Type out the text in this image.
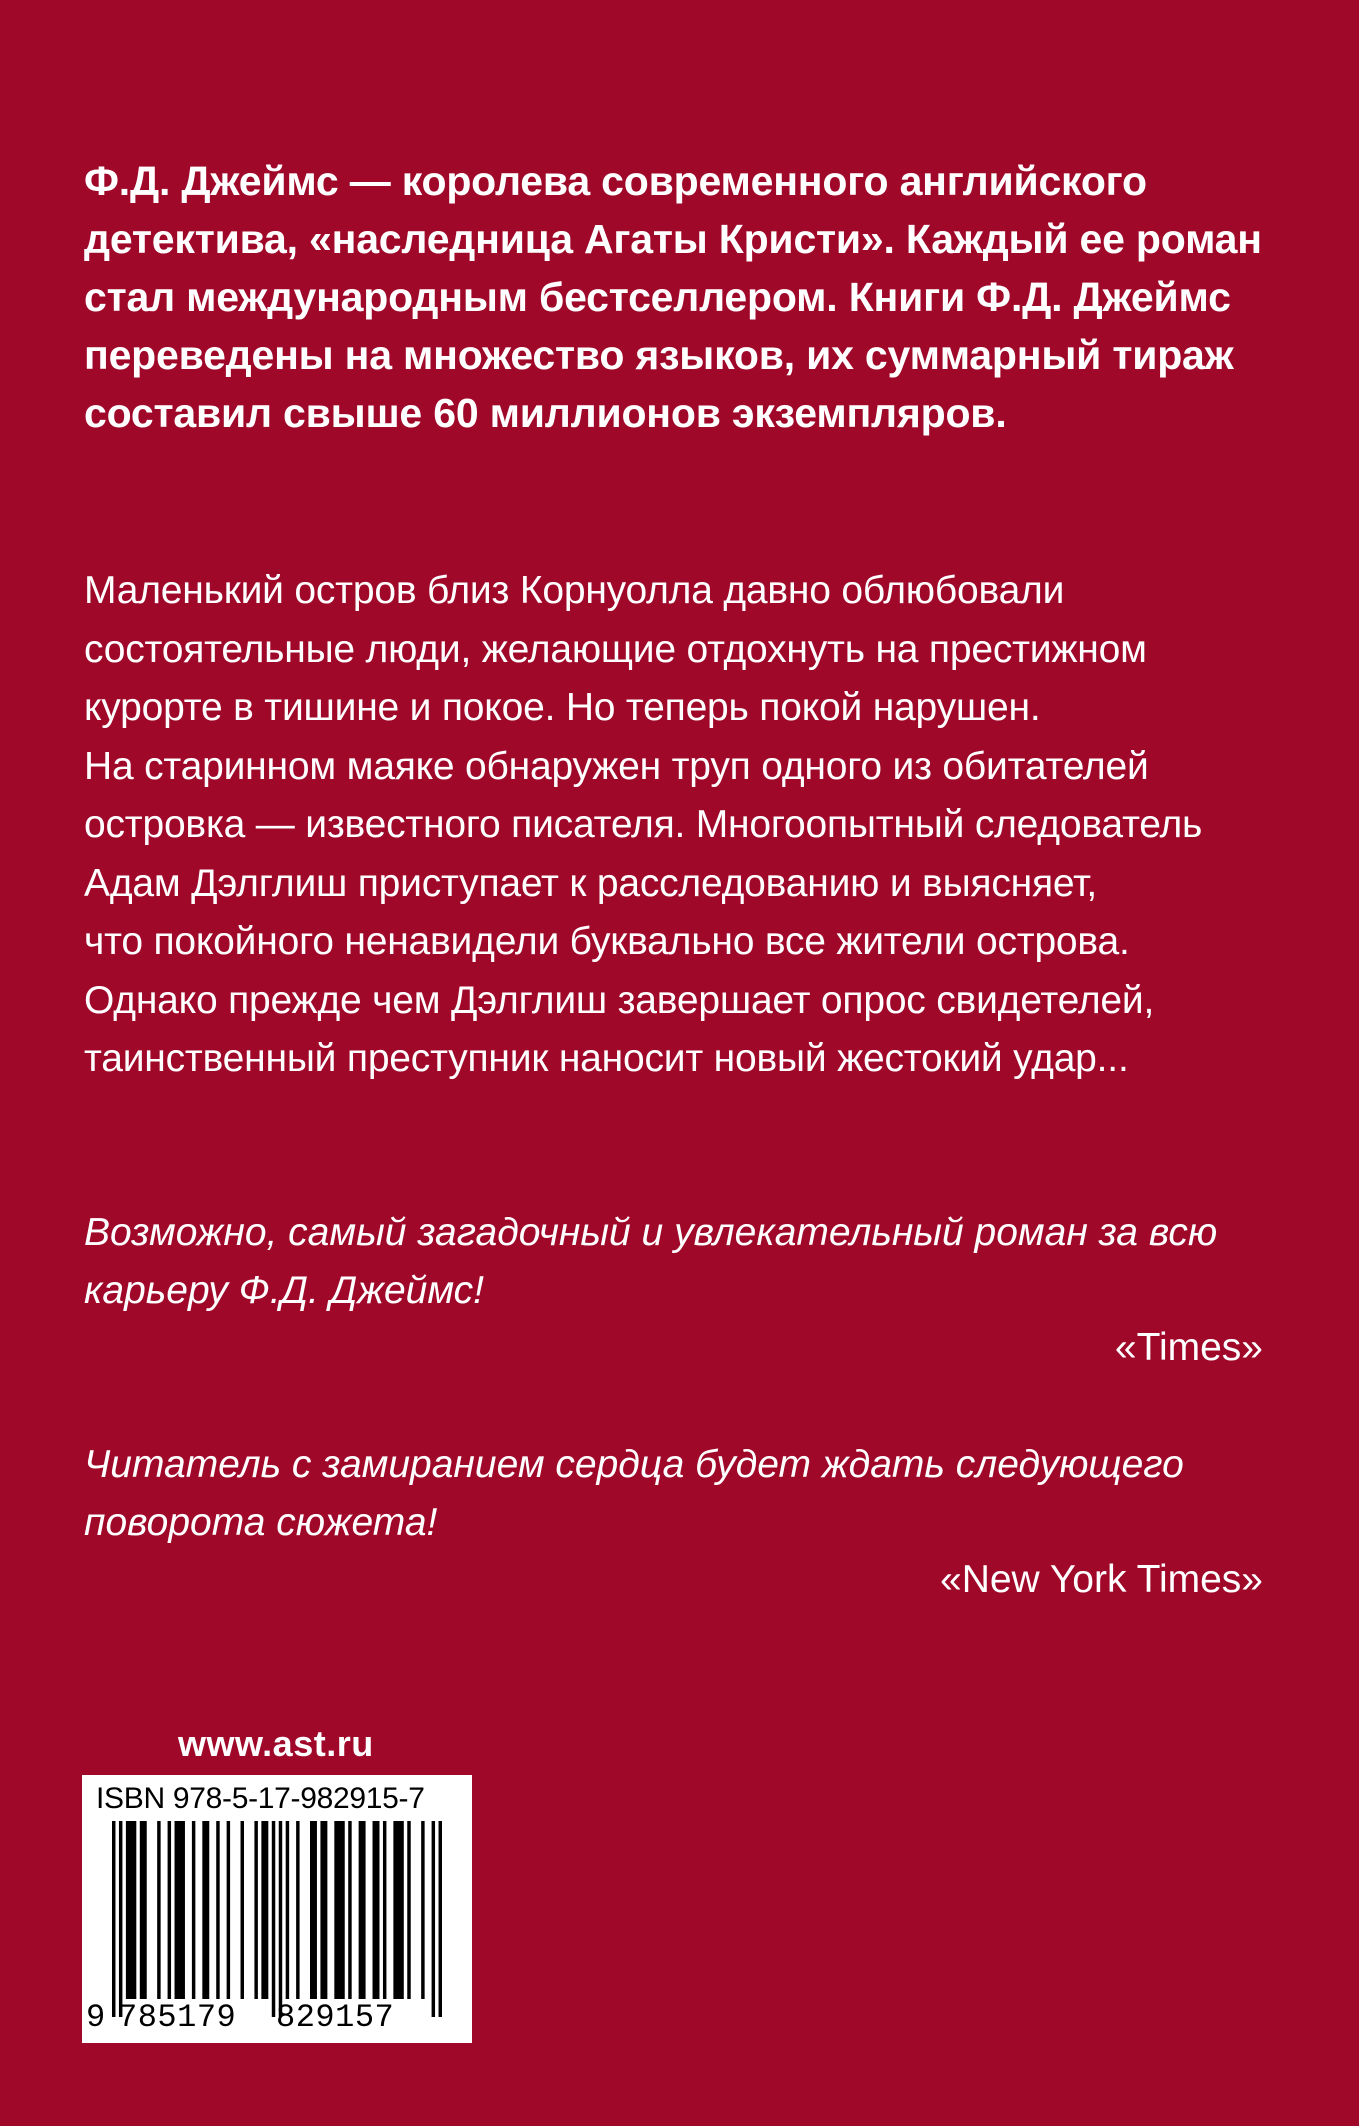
Ф.Д. Джеймс — королева современного английского
детектива, «наследница Агаты Кристи». Каждый ее роман
стал международным бестселлером. Книги Ф.Д. Джеймс
переведены на множество языков, их суммарный тираж
составил свыше 60 миллионов экземпляров.
Маленький остров близ Корнуолла давно облюбовали
состоятельные люди, желающие отдохнуть на престижном
курорте в тишине и покое. Но теперь покой нарушен.
На старинном маяке обнаружен труп одного из обитателей
островка — известного писателя. Многоопытный следователь
Адам Дэлглиш приступает к расследованию и выясняет,
что покойного ненавидели буквально все жители острова.
Однако прежде чем Дэлглиш завершает опрос свидетелей,
таинственный преступник наносит новый жестокий удар...
Возможно, самый загадочный и увлекательный роман за всю
карьеру Ф.Д. Джеймс!
«Times»
Читатель с замиранием сердца будет ждать следующего
поворота сюжета!
«New York Times»
www.ast.ru
ISBN 978-5-17-982915-7
9 785179 829157
